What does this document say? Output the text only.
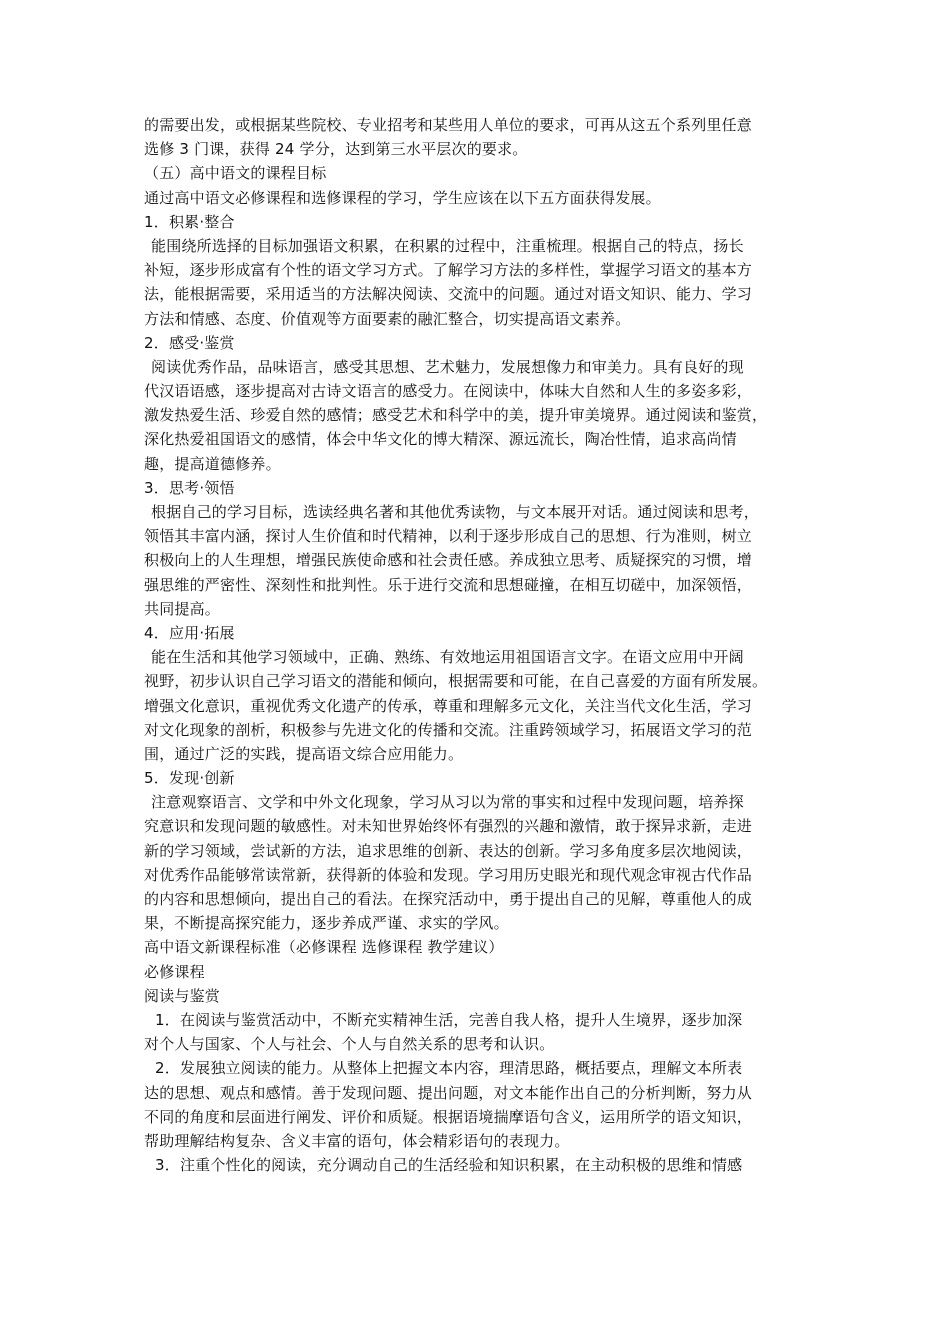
的需要出发，或根据某些院校、专业招考和某些用人单位的要求，可再从这五个系列里任意
选修 3 门课，获得 24 学分，达到第三水平层次的要求。
（五）高中语文的课程目标
通过高中语文必修课程和选修课程的学习，学生应该在以下五方面获得发展。
1．积累·整合
能围绕所选择的目标加强语文积累，在积累的过程中，注重梳理。根据自己的特点，扬长
补短，逐步形成富有个性的语文学习方式。了解学习方法的多样性，掌握学习语文的基本方
法，能根据需要，采用适当的方法解决阅读、交流中的问题。通过对语文知识、能力、学习
方法和情感、态度、价值观等方面要素的融汇整合，切实提高语文素养。
2．感受·鉴赏
阅读优秀作品，品味语言，感受其思想、艺术魅力，发展想像力和审美力。具有良好的现
代汉语语感，逐步提高对古诗文语言的感受力。在阅读中，体味大自然和人生的多姿多彩，
激发热爱生活、珍爱自然的感情；感受艺术和科学中的美，提升审美境界。通过阅读和鉴赏，
深化热爱祖国语文的感情，体会中华文化的博大精深、源远流长，陶冶性情，追求高尚情
趣，提高道德修养。
3．思考·领悟
根据自己的学习目标，选读经典名著和其他优秀读物，与文本展开对话。通过阅读和思考，
领悟其丰富内涵，探讨人生价值和时代精神，以利于逐步形成自己的思想、行为准则，树立
积极向上的人生理想，增强民族使命感和社会责任感。养成独立思考、质疑探究的习惯，增
强思维的严密性、深刻性和批判性。乐于进行交流和思想碰撞，在相互切磋中，加深领悟，
共同提高。
4．应用·拓展
能在生活和其他学习领域中，正确、熟练、有效地运用祖国语言文字。在语文应用中开阔
视野，初步认识自己学习语文的潜能和倾向，根据需要和可能，在自己喜爱的方面有所发展。
增强文化意识，重视优秀文化遗产的传承，尊重和理解多元文化，关注当代文化生活，学习
对文化现象的剖析，积极参与先进文化的传播和交流。注重跨领域学习，拓展语文学习的范
围，通过广泛的实践，提高语文综合应用能力。
5．发现·创新
注意观察语言、文学和中外文化现象，学习从习以为常的事实和过程中发现问题，培养探
究意识和发现问题的敏感性。对未知世界始终怀有强烈的兴趣和激情，敢于探异求新，走进
新的学习领域，尝试新的方法，追求思维的创新、表达的创新。学习多角度多层次地阅读，
对优秀作品能够常读常新，获得新的体验和发现。学习用历史眼光和现代观念审视古代作品
的内容和思想倾向，提出自己的看法。在探究活动中，勇于提出自己的见解，尊重他人的成
果，不断提高探究能力，逐步养成严谨、求实的学风。
高中语文新课程标准（必修课程 选修课程 教学建议）
必修课程
阅读与鉴赏
1．在阅读与鉴赏活动中，不断充实精神生活，完善自我人格，提升人生境界，逐步加深
对个人与国家、个人与社会、个人与自然关系的思考和认识。
2．发展独立阅读的能力。从整体上把握文本内容，理清思路，概括要点，理解文本所表
达的思想、观点和感情。善于发现问题、提出问题，对文本能作出自己的分析判断，努力从
不同的角度和层面进行阐发、评价和质疑。根据语境揣摩语句含义，运用所学的语文知识，
帮助理解结构复杂、含义丰富的语句，体会精彩语句的表现力。
3．注重个性化的阅读，充分调动自己的生活经验和知识积累，在主动积极的思维和情感
